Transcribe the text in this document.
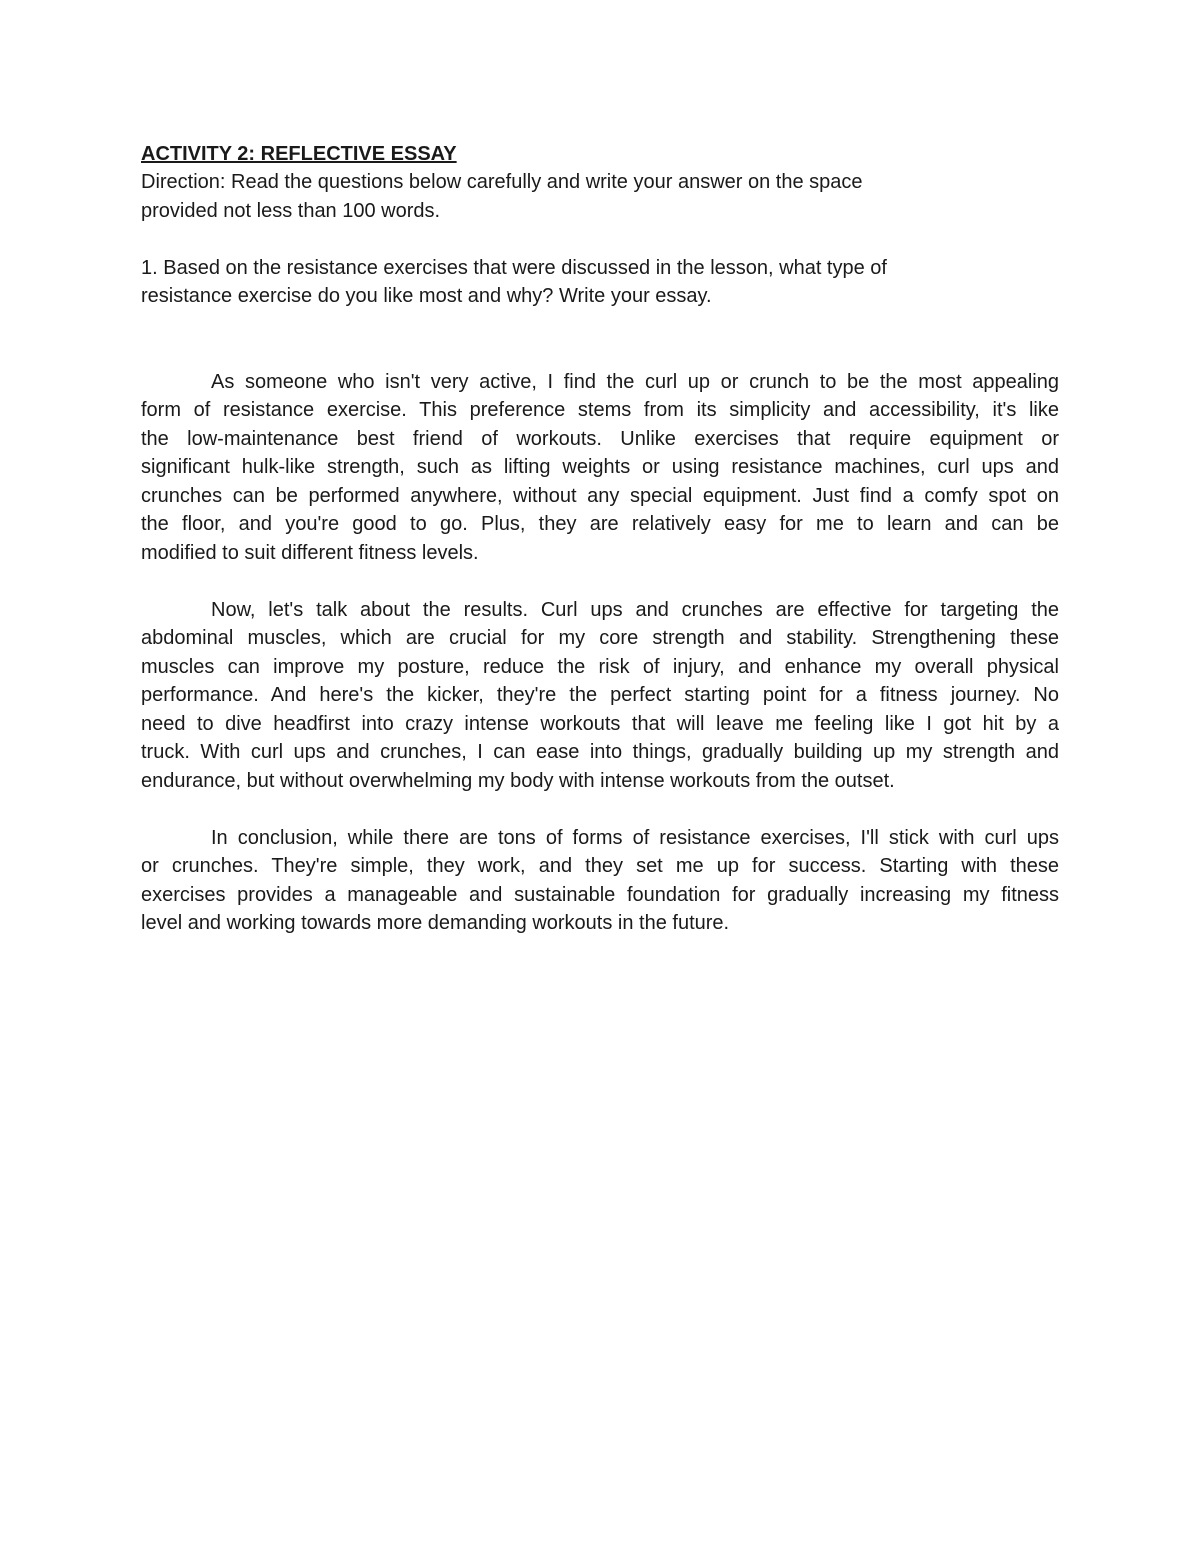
ACTIVITY 2: REFLECTIVE ESSAY

Direction: Read the questions below carefully and write your answer on the space

provided not less than 100 words.

1. Based on the resistance exercises that were discussed in the lesson, what type of

resistance exercise do you like most and why? Write your essay.

As someone who isn't very active, I find the curl up or crunch to be the most appealing
form of resistance exercise. This preference stems from its simplicity and accessibility, it's like
the low-maintenance best friend of workouts. Unlike exercises that require equipment or
significant hulk-like strength, such as lifting weights or using resistance machines, curl ups and
crunches can be performed anywhere, without any special equipment. Just find a comfy spot on
the floor, and you're good to go. Plus, they are relatively easy for me to learn and can be
modified to suit different fitness levels.
Now, let's talk about the results. Curl ups and crunches are effective for targeting the
abdominal muscles, which are crucial for my core strength and stability. Strengthening these
muscles can improve my posture, reduce the risk of injury, and enhance my overall physical
performance. And here's the kicker, they're the perfect starting point for a fitness journey. No
need to dive headfirst into crazy intense workouts that will leave me feeling like I got hit by a
truck. With curl ups and crunches, I can ease into things, gradually building up my strength and
endurance, but without overwhelming my body with intense workouts from the outset.
In conclusion, while there are tons of forms of resistance exercises, I'll stick with curl ups
or crunches. They're simple, they work, and they set me up for success. Starting with these
exercises provides a manageable and sustainable foundation for gradually increasing my fitness
level and working towards more demanding workouts in the future.
